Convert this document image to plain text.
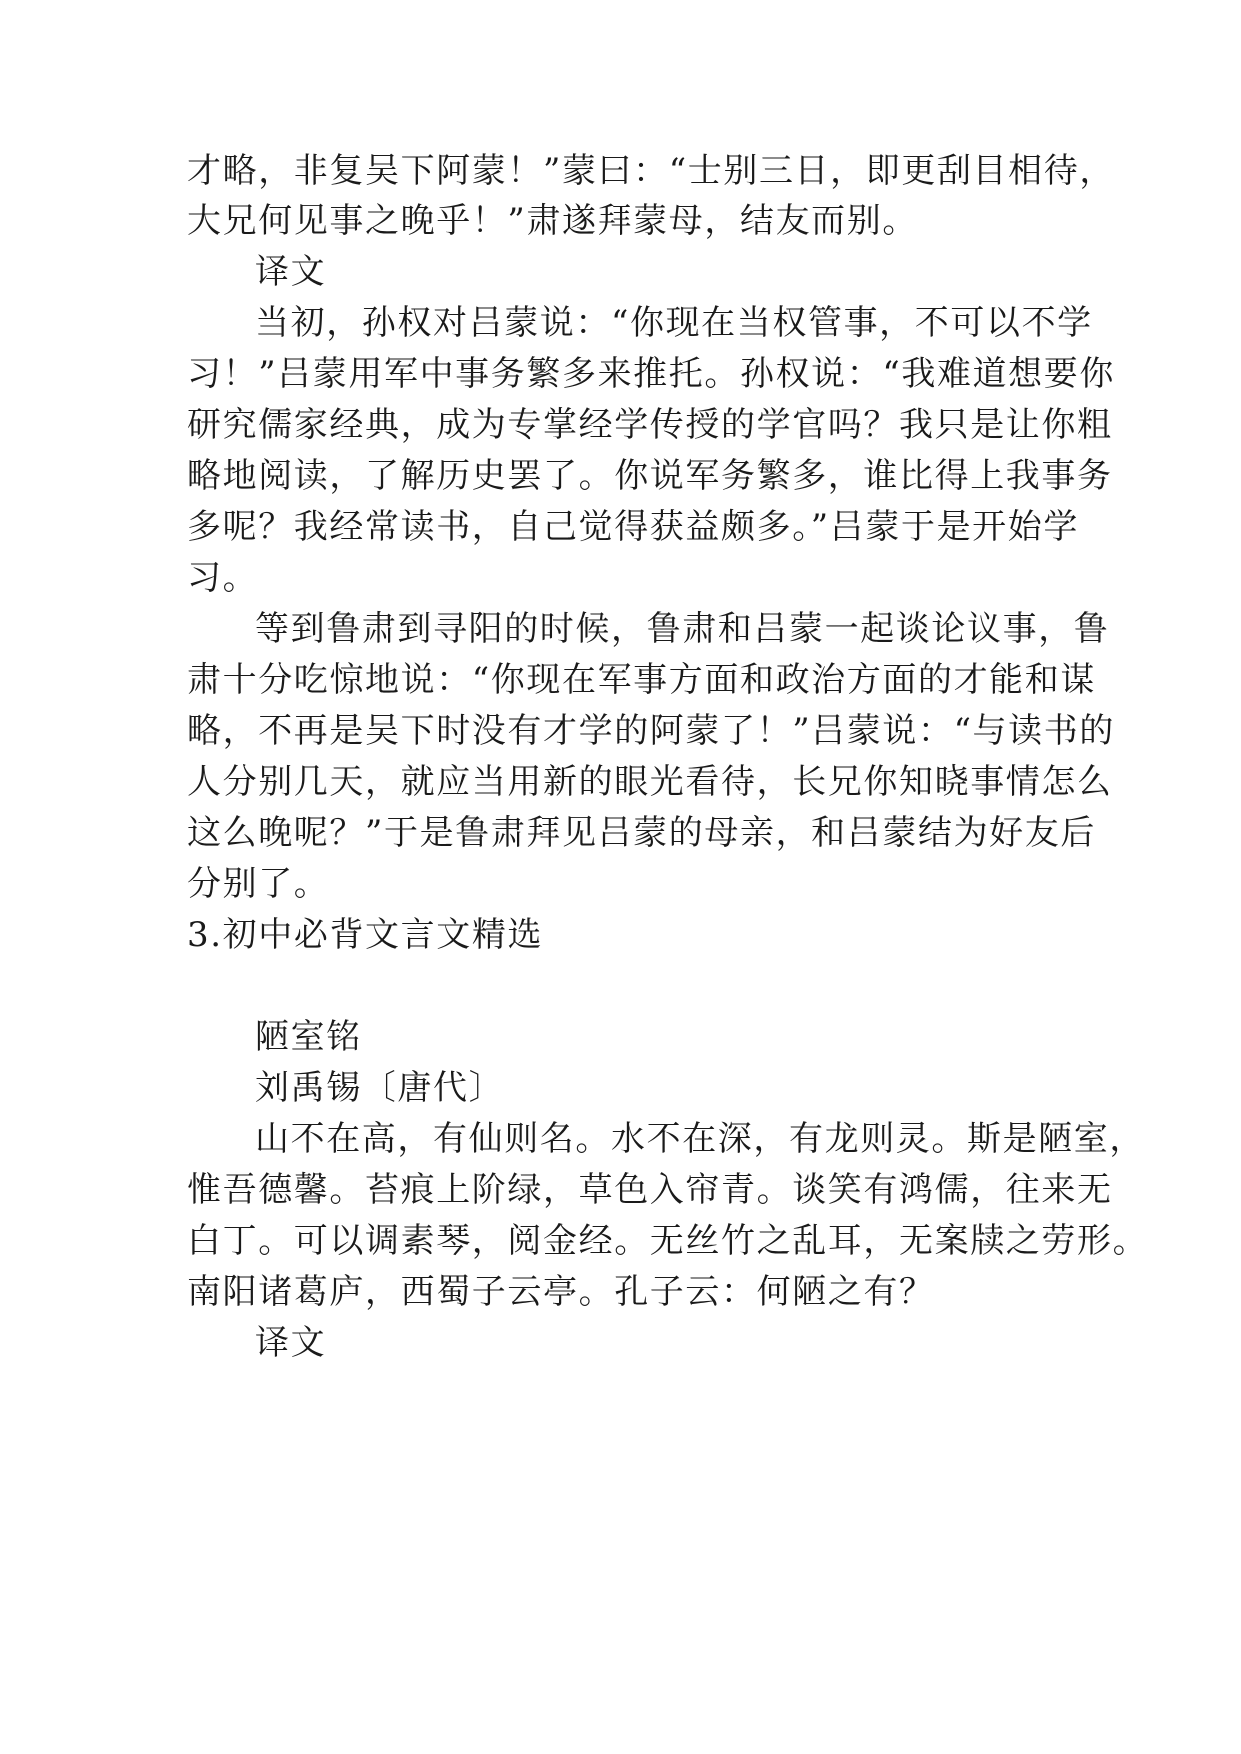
才略，非复吴下阿蒙！”蒙曰：“士别三日，即更刮目相待，

大兄何见事之晚乎！”肃遂拜蒙母，结友而别。

译文

当初，孙权对吕蒙说：“你现在当权管事，不可以不学

习！”吕蒙用军中事务繁多来推托。孙权说：“我难道想要你

研究儒家经典，成为专掌经学传授的学官吗？我只是让你粗

略地阅读，了解历史罢了。你说军务繁多，谁比得上我事务

多呢？我经常读书，自己觉得获益颇多。”吕蒙于是开始学

习。

等到鲁肃到寻阳的时候，鲁肃和吕蒙一起谈论议事，鲁

肃十分吃惊地说：“你现在军事方面和政治方面的才能和谋

略，不再是吴下时没有才学的阿蒙了！”吕蒙说：“与读书的

人分别几天，就应当用新的眼光看待，长兄你知晓事情怎么

这么晚呢？”于是鲁肃拜见吕蒙的母亲，和吕蒙结为好友后

分别了。

3.初中必背文言文精选

陋室铭

刘禹锡〔唐代〕

山不在高，有仙则名。水不在深，有龙则灵。斯是陋室，

惟吾德馨。苔痕上阶绿，草色入帘青。谈笑有鸿儒，往来无

白丁。可以调素琴，阅金经。无丝竹之乱耳，无案牍之劳形。

南阳诸葛庐，西蜀子云亭。孔子云：何陋之有？

译文
